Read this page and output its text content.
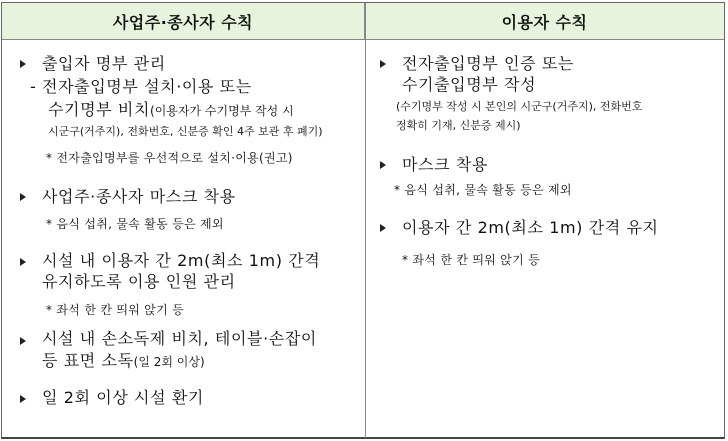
사업주·종사자 수칙	이용자 수칙
출입자 명부 관리
- 전자출입명부 설치·이용 또는
수기명부 비치(이용자가 수기명부 작성 시
시군구(거주지), 전화번호, 신분증 확인 4주 보관 후 폐기)
* 전자출입명부를 우선적으로 설치·이용(권고)
사업주·종사자 마스크 착용
* 음식 섭취, 물속 활동 등은 제외
시설 내 이용자 간 2m(최소 1m) 간격
유지하도록 이용 인원 관리
* 좌석 한 칸 띄워 앉기 등
시설 내 손소독제 비치, 테이블·손잡이
등 표면 소독(일 2회 이상)
일 2회 이상 시설 환기
전자출입명부 인증 또는
수기출입명부 작성
(수기명부 작성 시 본인의 시군구(거주지), 전화번호
정확히 기재, 신분증 제시)
마스크 착용
* 음식 섭취, 물속 활동 등은 제외
이용자 간 2m(최소 1m) 간격 유지
* 좌석 한 칸 띄워 앉기 등
